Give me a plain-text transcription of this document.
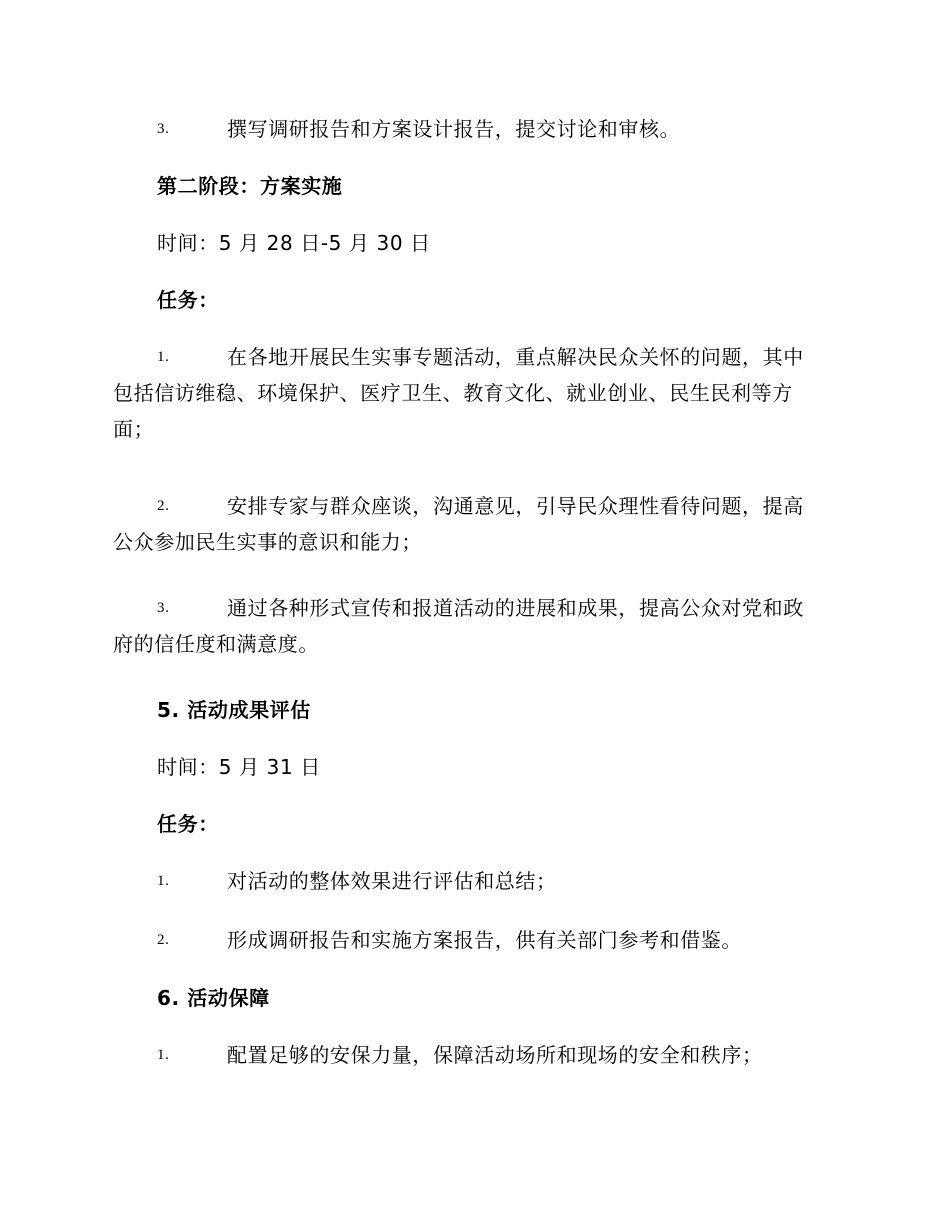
3.	撰写调研报告和方案设计报告，提交讨论和审核。
第二阶段：方案实施
时间：5 月 28 日-5 月 30 日
任务：
1.	在各地开展民生实事专题活动，重点解决民众关怀的问题，其中
包括信访维稳、环境保护、医疗卫生、教育文化、就业创业、民生民利等方
面；
2.	安排专家与群众座谈，沟通意见，引导民众理性看待问题，提高
公众参加民生实事的意识和能力；
3.	通过各种形式宣传和报道活动的进展和成果，提高公众对党和政
府的信任度和满意度。
5. 活动成果评估
时间：5 月 31 日
任务：
1.	对活动的整体效果进行评估和总结；
2.	形成调研报告和实施方案报告，供有关部门参考和借鉴。
6. 活动保障
1.	配置足够的安保力量，保障活动场所和现场的安全和秩序；
